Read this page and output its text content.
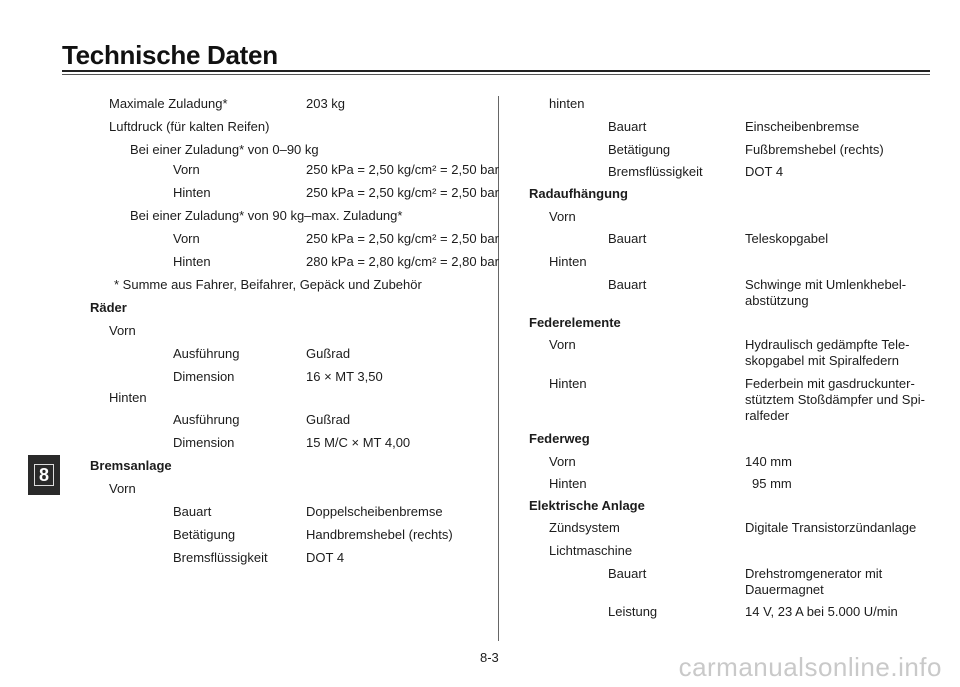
Technische Daten
8
Maximale Zuladung*	203 kg
Luftdruck (für kalten Reifen)
Bei einer Zuladung* von 0–90 kg
Vorn	250 kPa = 2,50 kg/cm² = 2,50 bar
Hinten	250 kPa = 2,50 kg/cm² = 2,50 bar
Bei einer Zuladung* von 90 kg–max. Zuladung*
Vorn	250 kPa = 2,50 kg/cm² = 2,50 bar
Hinten	280 kPa = 2,80 kg/cm² = 2,80 bar
* Summe aus Fahrer, Beifahrer, Gepäck und Zubehör
Räder
Vorn
Ausführung	Gußrad
Dimension	16 × MT 3,50
Hinten
Ausführung	Gußrad
Dimension	15 M/C × MT 4,00
Bremsanlage
Vorn
Bauart	Doppelscheibenbremse
Betätigung	Handbremshebel (rechts)
Bremsflüssigkeit	DOT 4
hinten
Bauart	Einscheibenbremse
Betätigung	Fußbremshebel (rechts)
Bremsflüssigkeit	DOT 4
Radaufhängung
Vorn
Bauart	Teleskopgabel
Hinten
Bauart	Schwinge mit Umlenkhebel-
abstützung
Federelemente
Vorn	Hydraulisch gedämpfte Tele-
skopgabel mit Spiralfedern
Hinten	Federbein mit gasdruckunter-
stütztem Stoßdämpfer und Spi-
ralfeder
Federweg
Vorn	140 mm
Hinten	95 mm
Elektrische Anlage
Zündsystem	Digitale Transistorzündanlage
Lichtmaschine
Bauart	Drehstromgenerator mit
Dauermagnet
Leistung	14 V, 23 A bei 5.000 U/min
8-3	carmanualsonline.info
